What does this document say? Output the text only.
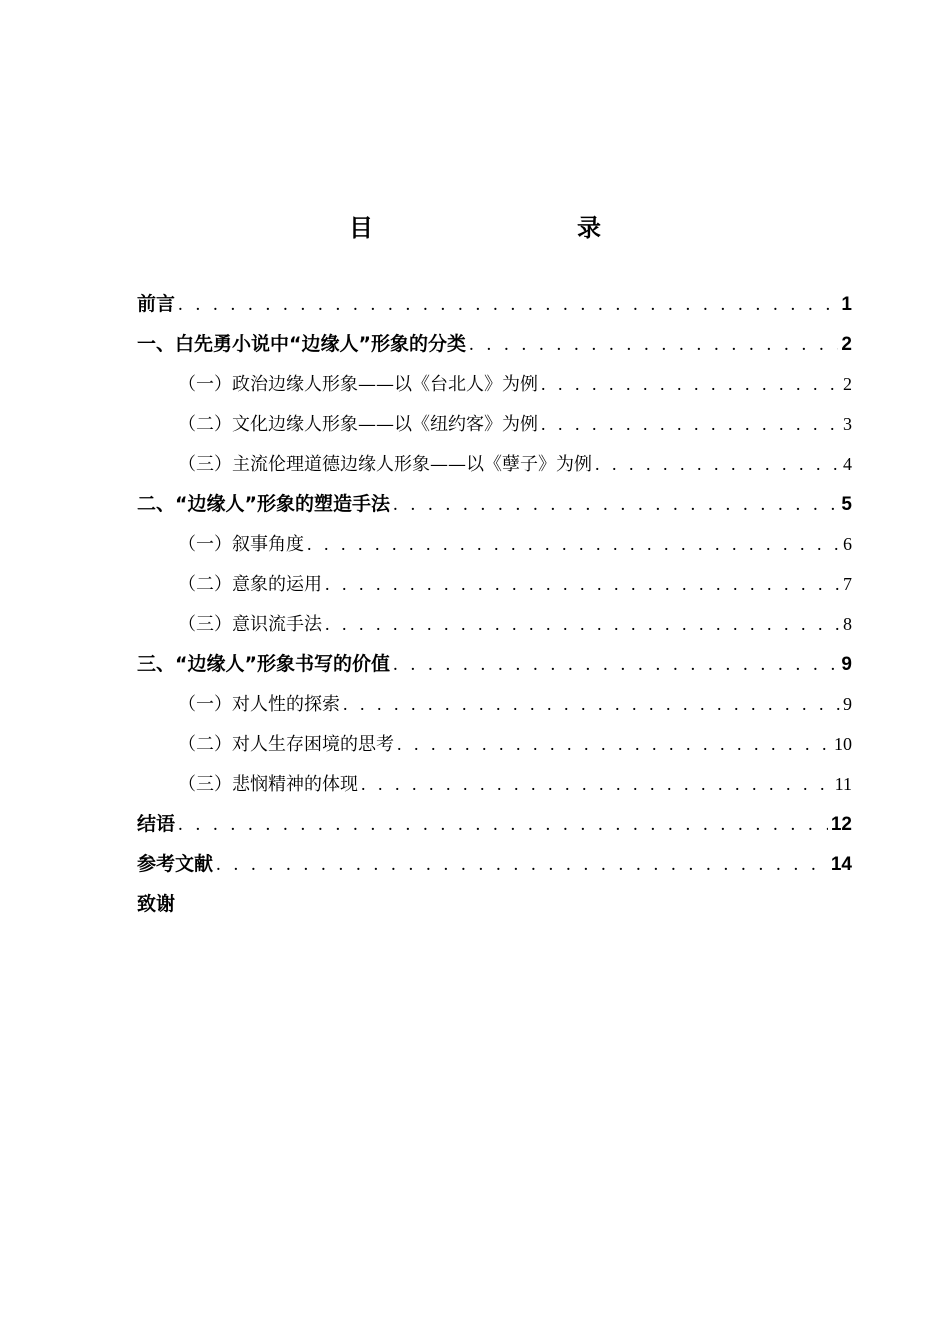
目　　录
前言 . . .	1
一、白先勇小说中“边缘人”形象的分类 . . .	2
（一）政治边缘人形象——以《台北人》为例 . . .	2
（二）文化边缘人形象——以《纽约客》为例 . . .	3
（三）主流伦理道德边缘人形象——以《孽子》为例 . . .	4
二、“边缘人”形象的塑造手法 . . .	5
（一）叙事角度 . . .	6
（二）意象的运用 . . .	7
（三）意识流手法 . . .	8
三、“边缘人”形象书写的价值 . . .	9
（一）对人性的探索 . . .	9
（二）对人生存困境的思考 . . .	10
（三）悲悯精神的体现 . . .	11
结语 . . .	12
参考文献 . . .	14
致谢
